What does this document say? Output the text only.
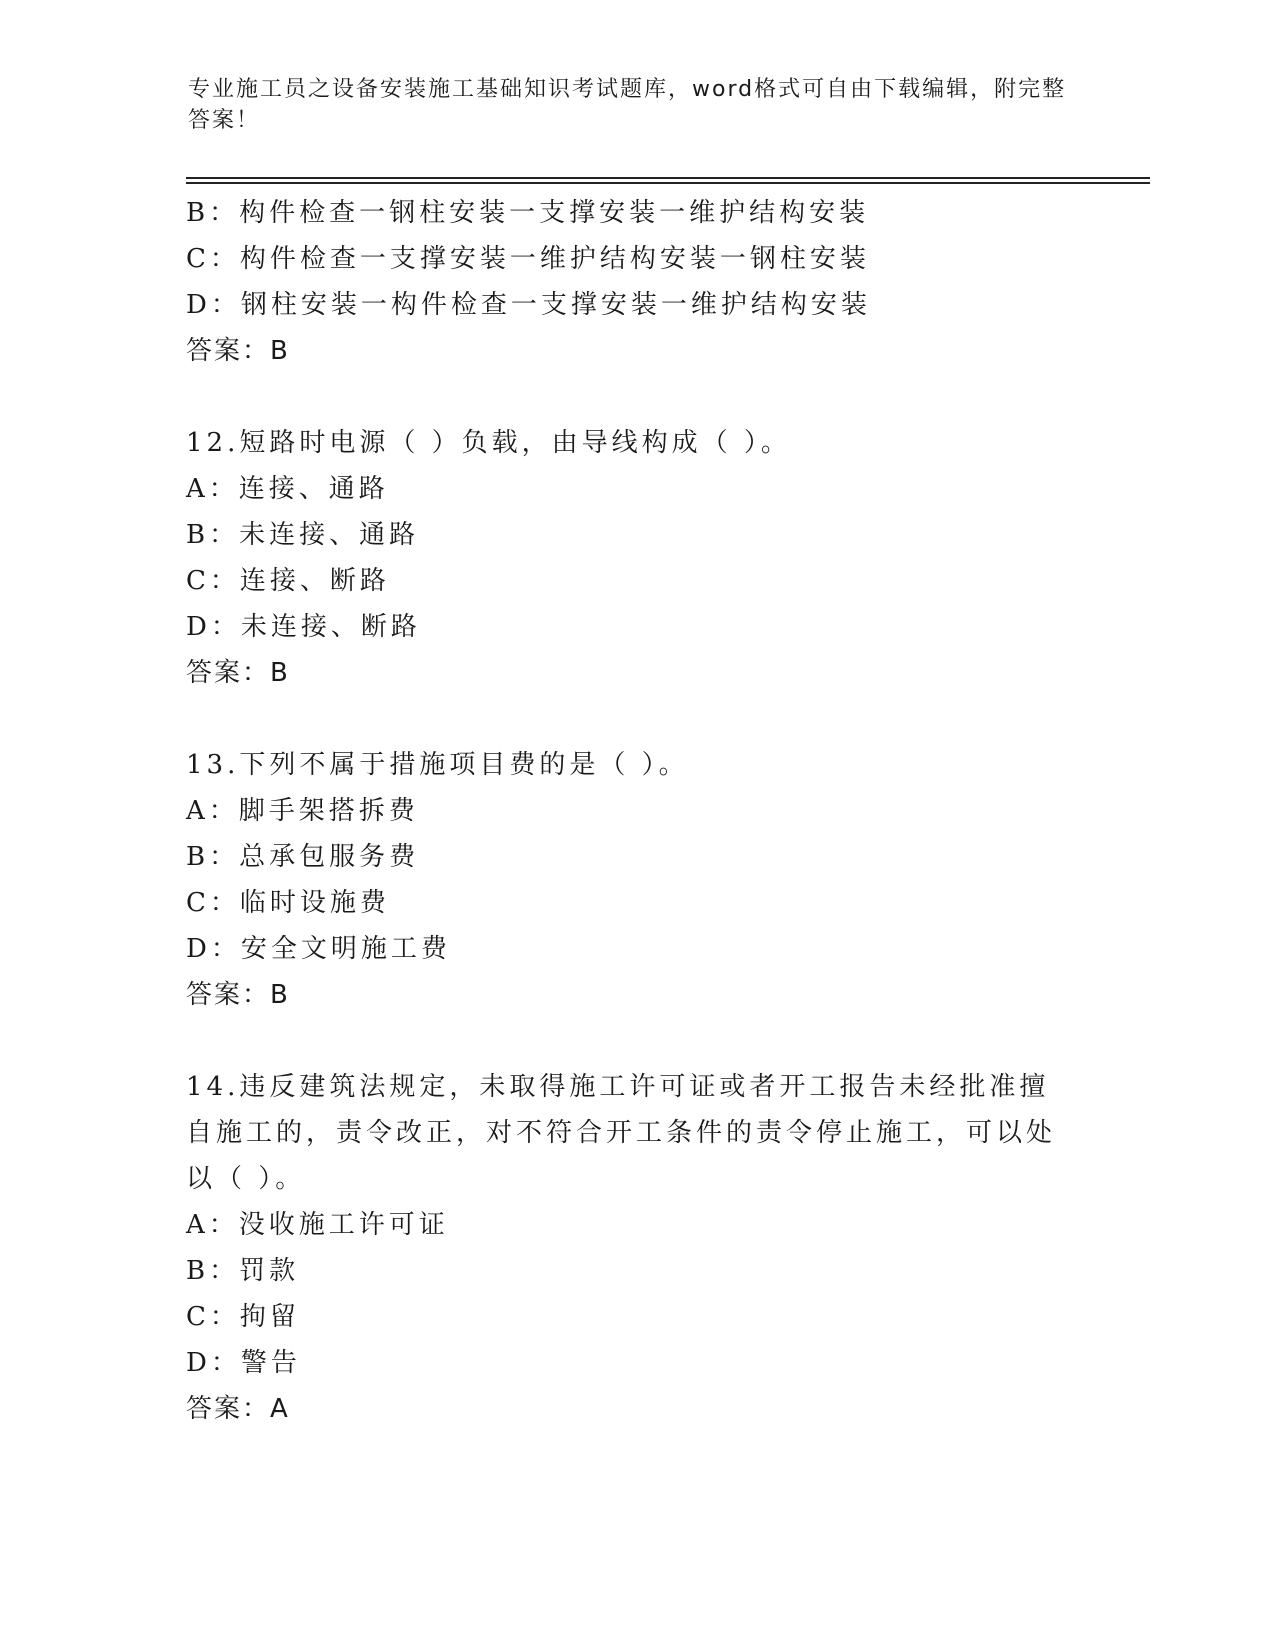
专业施工员之设备安装施工基础知识考试题库，word格式可自由下载编辑，附完整答案！

B：构件检查一钢柱安装一支撑安装一维护结构安装

C：构件检查一支撑安装一维护结构安装一钢柱安装

D：钢柱安装一构件检查一支撑安装一维护结构安装

答案：B

12.短路时电源（ ）负载，由导线构成（ ）。

A：连接、通路

B：未连接、通路

C：连接、断路

D：未连接、断路

答案：B

13.下列不属于措施项目费的是（ ）。

A：脚手架搭拆费

B：总承包服务费

C：临时设施费

D：安全文明施工费

答案：B

14.违反建筑法规定，未取得施工许可证或者开工报告未经批准擅自施工的，责令改正，对不符合开工条件的责令停止施工，可以处以（ ）。

A：没收施工许可证

B：罚款

C：拘留

D：警告

答案：A
